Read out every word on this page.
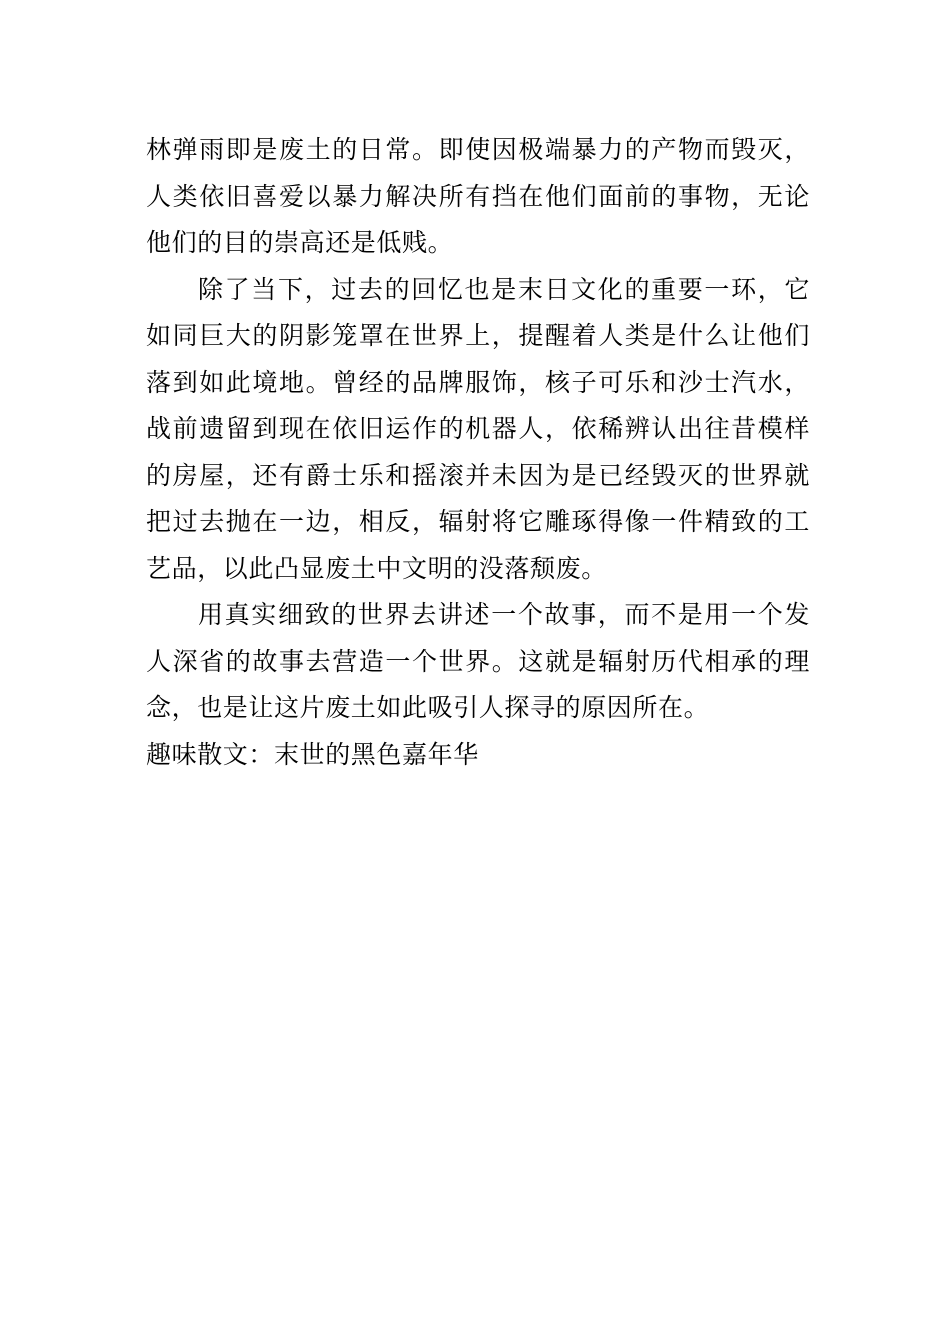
林弹雨即是废土的日常。即使因极端暴力的产物而毁灭，
人类依旧喜爱以暴力解决所有挡在他们面前的事物，无论
他们的目的崇高还是低贱。
除了当下，过去的回忆也是末日文化的重要一环，它
如同巨大的阴影笼罩在世界上，提醒着人类是什么让他们
落到如此境地。曾经的品牌服饰，核子可乐和沙士汽水，
战前遗留到现在依旧运作的机器人，依稀辨认出往昔模样
的房屋，还有爵士乐和摇滚并未因为是已经毁灭的世界就
把过去抛在一边，相反，辐射将它雕琢得像一件精致的工
艺品，以此凸显废土中文明的没落颓废。
用真实细致的世界去讲述一个故事，而不是用一个发
人深省的故事去营造一个世界。这就是辐射历代相承的理
念，也是让这片废土如此吸引人探寻的原因所在。
趣味散文：末世的黑色嘉年华
